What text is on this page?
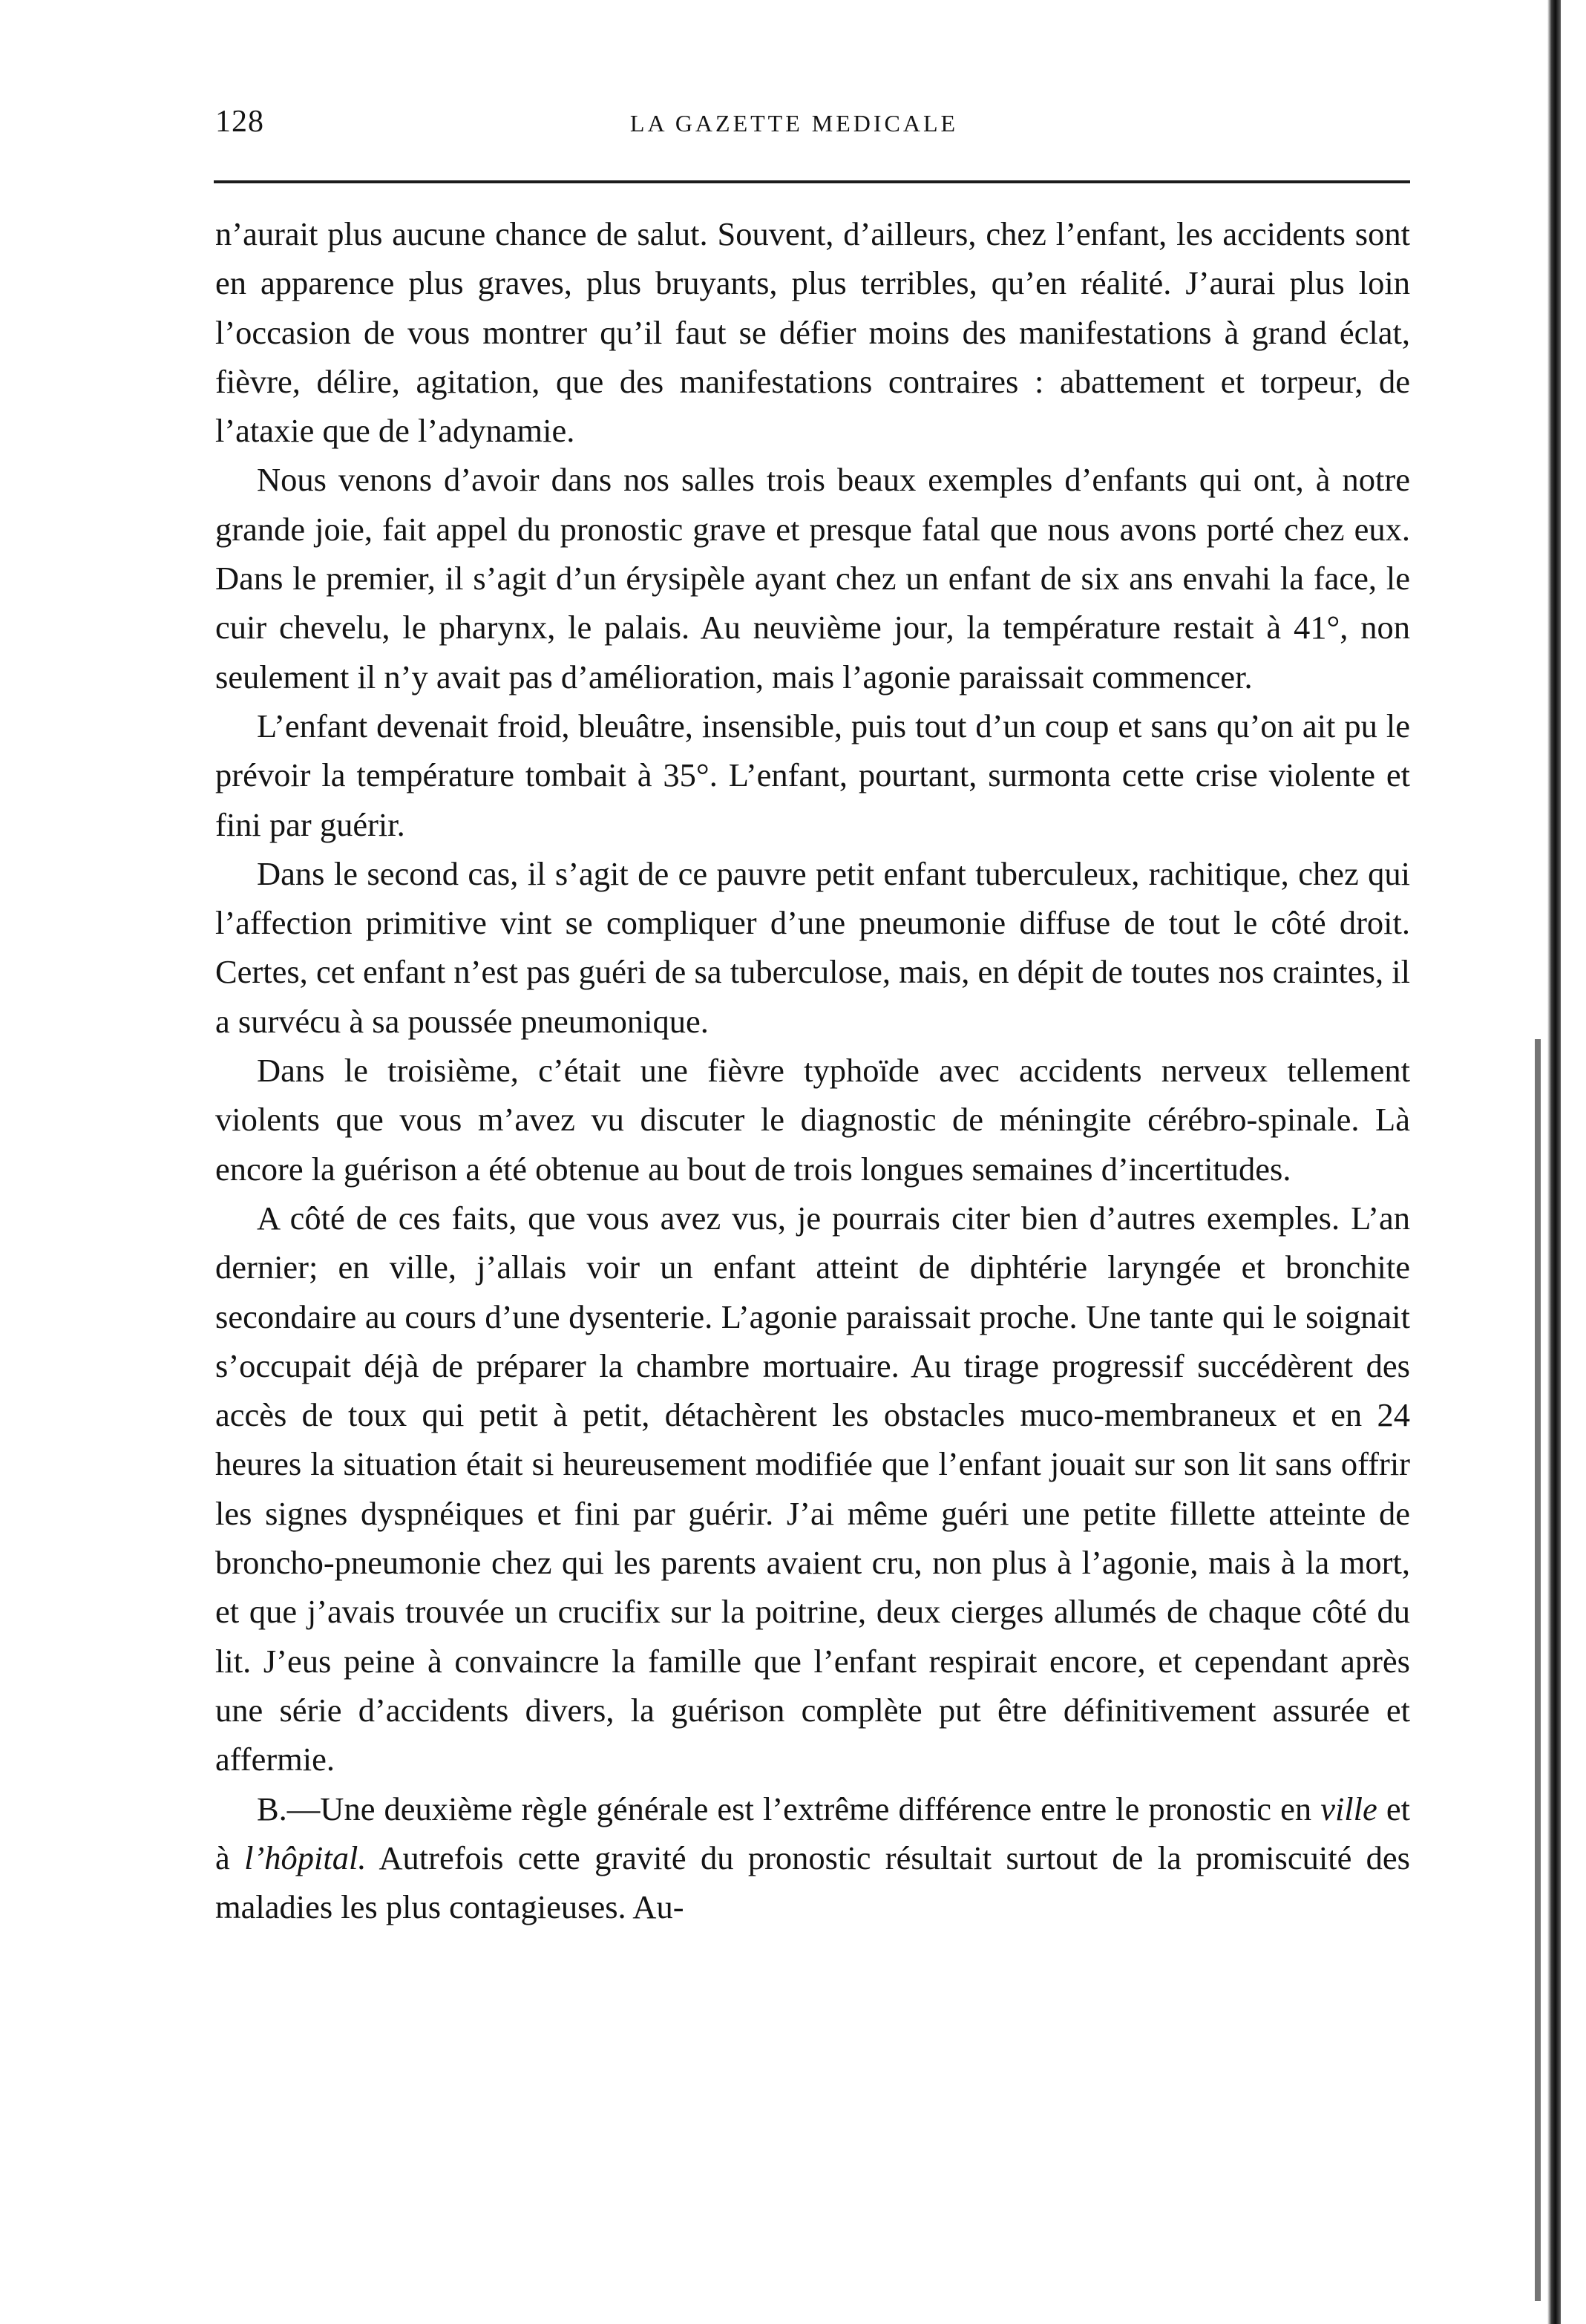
128	LA GAZETTE MEDICALE

n’aurait plus aucune chance de salut. Souvent, d’ailleurs, chez l’enfant, les accidents sont en apparence plus graves, plus bruyants, plus terribles, qu’en réalité. J’aurai plus loin l’occasion de vous montrer qu’il faut se défier moins des manifestations à grand éclat, fièvre, délire, agitation, que des manifestations contraires : abattement et torpeur, de l’ataxie que de l’adynamie.

Nous venons d’avoir dans nos salles trois beaux exemples d’enfants qui ont, à notre grande joie, fait appel du pronostic grave et presque fatal que nous avons porté chez eux. Dans le premier, il s’agit d’un érysipèle ayant chez un enfant de six ans envahi la face, le cuir chevelu, le pharynx, le palais. Au neuvième jour, la température restait à 41°, non seulement il n’y avait pas d’amélioration, mais l’agonie paraissait commencer.

L’enfant devenait froid, bleuâtre, insensible, puis tout d’un coup et sans qu’on ait pu le prévoir la température tombait à 35°. L’enfant, pourtant, surmonta cette crise violente et fini par guérir.

Dans le second cas, il s’agit de ce pauvre petit enfant tuberculeux, rachitique, chez qui l’affection primitive vint se compliquer d’une pneumonie diffuse de tout le côté droit. Certes, cet enfant n’est pas guéri de sa tuberculose, mais, en dépit de toutes nos craintes, il a survécu à sa poussée pneumonique.

Dans le troisième, c’était une fièvre typhoïde avec accidents nerveux tellement violents que vous m’avez vu discuter le diagnostic de méningite cérébro-spinale. Là encore la guérison a été obtenue au bout de trois longues semaines d’incertitudes.

A côté de ces faits, que vous avez vus, je pourrais citer bien d’autres exemples. L’an dernier; en ville, j’allais voir un enfant atteint de diphtérie laryngée et bronchite secondaire au cours d’une dysenterie. L’agonie paraissait proche. Une tante qui le soignait s’occupait déjà de préparer la chambre mortuaire. Au tirage progressif succédèrent des accès de toux qui petit à petit, détachèrent les obstacles muco-membraneux et en 24 heures la situation était si heureusement modifiée que l’enfant jouait sur son lit sans offrir les signes dyspnéiques et fini par guérir. J’ai même guéri une petite fillette atteinte de broncho-pneumonie chez qui les parents avaient cru, non plus à l’agonie, mais à la mort, et que j’avais trouvée un crucifix sur la poitrine, deux cierges allumés de chaque côté du lit. J’eus peine à convaincre la famille que l’enfant respirait encore, et cependant après une série d’accidents divers, la guérison complète put être définitivement assurée et affermie.

B.—Une deuxième règle générale est l’extrême différence entre le pronostic en ville et à l’hôpital. Autrefois cette gravité du pronostic résultait surtout de la promiscuité des maladies les plus contagieuses. Au-
